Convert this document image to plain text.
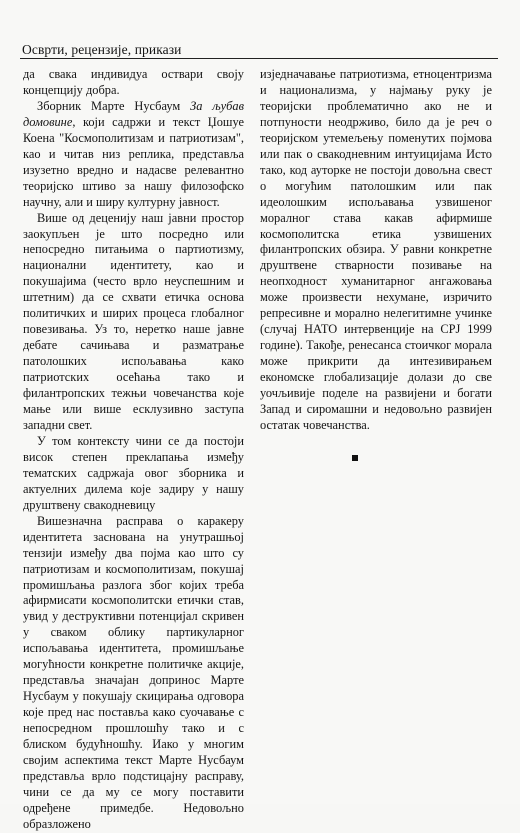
Осврти, рецензије, прикази

да свака индивидуа оствари своју концепцију добра.

Зборник Марте Нусбаум За љубав домовине, који садржи и текст Џошуе Коена "Космополитизам и патриотизам", као и читав низ реплика, представља изузетно вредно и надасве релевантно теоријско штиво за нашу филозофско научну, али и ширу културну јавност.

Више од деценију наш јавни простор заокупљен је што посредно или непосредно питањима о партиотизму, национални идентитету, као и покушајима (често врло неуспешним и штетним) да се схвати етичка основа политичких и ширих процеса глобалног повезивања. Уз то, неретко наше јавне дебате сачињава и размaтрање патолошких испољавања како патриотских осећања тако и филантропских тежњи човечанства које мање или више есклузивно заступа западни свет.

У том контексту чини се да постоји висок степен преклапања између тематских садржаја овог зборника и актуелних дилема које задиру у нашу друштвену свакодневицу

Вишезначна расправа о каракеру идентитета заснована на унутрашњој тензији између два појма као што су патриотизам и космополитизам, покушај промишљања разлога због којих треба афирмисати космополитски етички став, увид у деструктивни потенцијал скривен у сваком облику партикуларног испољавања идентитета, промишљање могућности конкретне политичке акције, представља значајан допринос Марте Нусбаум у покушају скицирања одговора које пред нас поставља како суочавање с непосредном прошлошћу тако и с блиском будућношћу. Иако у многим својим аспектима текст Марте Нусбаум представља врло подстицајну расправу, чини се да му се могу поставити одређене примедбе. Недовољно образложено

изједначавање патриотизма, етноцентризма и национализма, у најмању руку је теоријски проблематично ако не и потпуности неодрживо, било да је реч о теоријском утемељењу поменутих појмова или пак о свакодневним интуицијама Исто тако, код ауторке не постоји довољна свест о могућим патолошким или пак идеолошким испољавања узвишеног моралног става какав афирмише космополитска етика узвишених филантропских обзира. У равни конкретне друштвене стварности позивање на неопходност хуманитарног ангажовања може произвести нехумане, изричито репресивне и морално нелегитимне учинке (случај НАТО интервенције на СРЈ 1999 године). Такође, ренесанса стоичког морала може прикрити да интезивирањем економске глобализације долази до све уочљивије поделе на развијени и богати Запад и сиромашни и недовољно развијен остатак човечанства.
